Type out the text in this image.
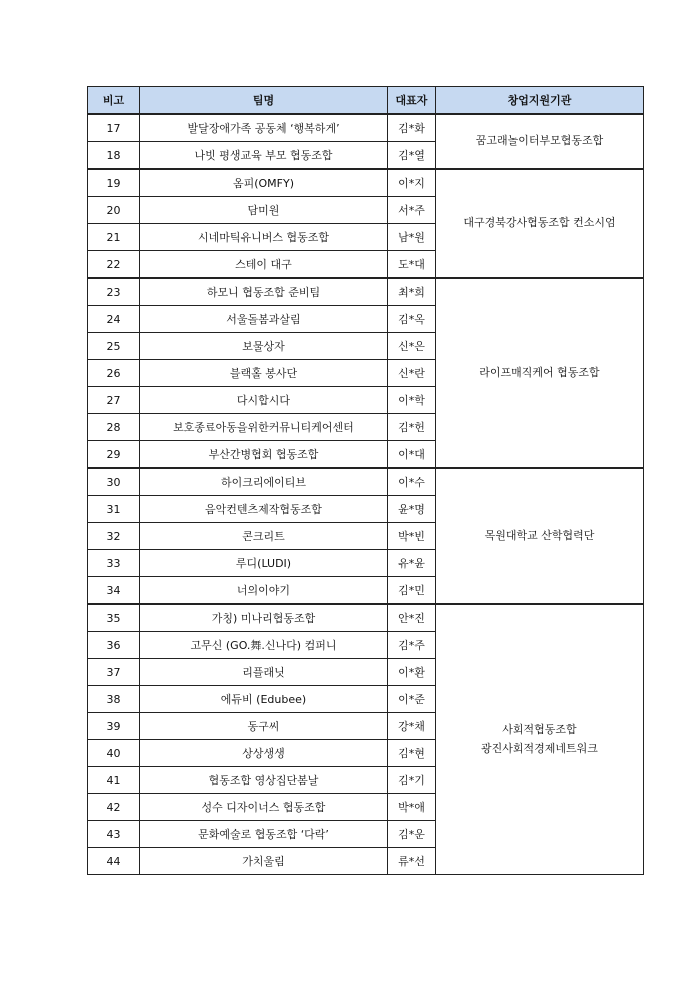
비고	팀명	대표자	창업지원기관
17	발달장애가족 공동체 ‘행복하게’	김*화	꿈고래놀이터부모협동조합

18	나빗 평생교육 부모 협동조합	김*열	
19	옴피(OMFY)	이*지	대구경북강사협동조합 컨소시엄

20	담미원	서*주	
21	시네마틱유니버스 협동조합	남*원	
22	스테이 대구	도*대	
23	하모니 협동조합 준비팀	최*희	라이프매직케어 협동조합

24	서울돌봄과살림	김*옥	
25	보물상자	신*은	
26	블랙홀 봉사단	신*란	
27	다시합시다	이*학	
28	보호종료아동을위한커뮤니티케어센터	김*헌	
29	부산간병협회 협동조합	이*대	
30	하이크리에이티브	이*수	목원대학교 산학협력단

31	음악컨텐츠제작협동조합	윤*명	
32	콘크리트	박*빈	
33	루디(LUDI)	유*윤	
34	너의이야기	김*민	
35	가칭) 미나리협동조합	안*진	사회적협동조합
광진사회적경제네트워크

36	고무신 (GO.舞.신나다) 컴퍼니	김*주	
37	리플래닛	이*환	
38	에듀비 (Edubee)	이*준	
39	동구씨	강*채	
40	상상생생	김*현	
41	협동조합 영상집단봄날	김*기	
42	성수 디자이너스 협동조합	박*애	
43	문화예술로 협동조합 ‘다락’	김*운	
44	가치울림	류*선	
